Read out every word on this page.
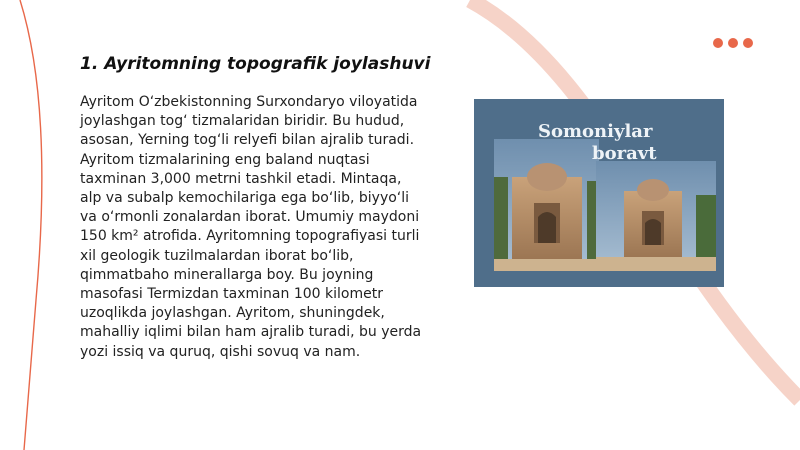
1. Ayritomning topografik joylashuvi

Ayritom O‘zbekistonning Surxondaryo viloyatida joylashgan tog‘ tizmalaridan biridir. Bu hudud, asosan, Yerning tog‘li relyefi bilan ajralib turadi. Ayritom tizmalarining eng baland nuqtasi taxminan 3,000 metrni tashkil etadi. Mintaqa, alp va subalp kemochilariga ega bo‘lib, biyyo‘li va o‘rmonli zonalardan iborat. Umumiy maydoni 150 km² atrofida. Ayritomning topografiyasi turli xil geologik tuzilmalardan iborat bo‘lib, qimmatbaho minerallarga boy. Bu joyning masofasi Termizdan taxminan 100 kilometr uzoqlikda joylashgan. Ayritom, shuningdek, mahalliy iqlimi bilan ham ajralib turadi, bu yerda yozi issiq va quruq, qishi sovuq va nam.

Somoniylar
boravt
